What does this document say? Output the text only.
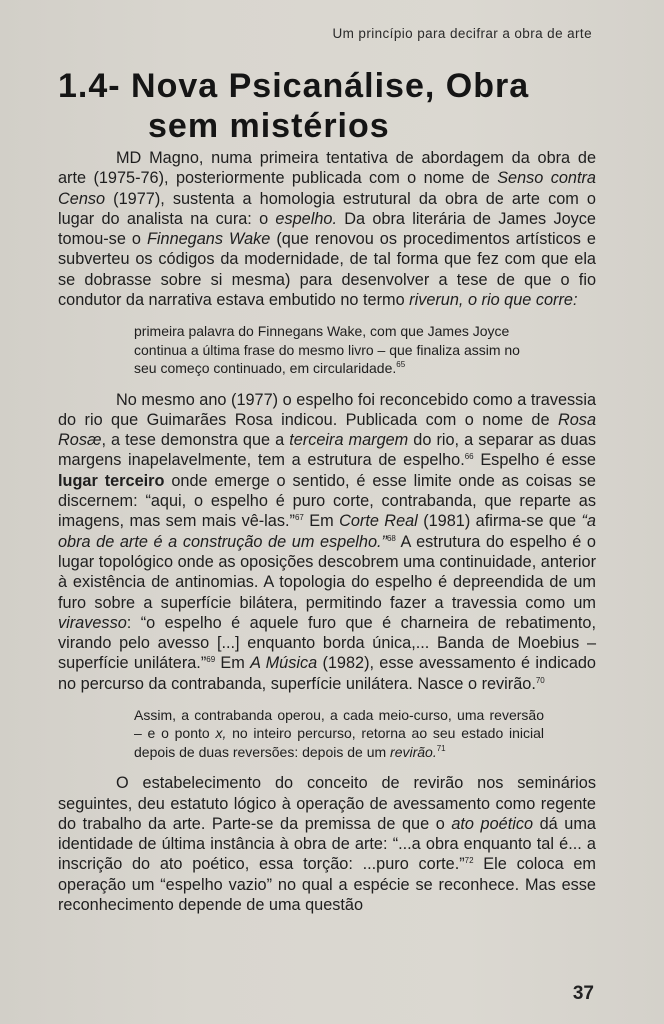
Um princípio para decifrar a obra de arte
1.4- Nova Psicanálise, Obra
sem mistérios

MD Magno, numa primeira tentativa de abordagem da obra de arte (1975-76), posteriormente publicada com o nome de Senso contra Censo (1977), sustenta a homologia estrutural da obra de arte com o lugar do analista na cura: o espelho. Da obra literária de James Joyce tomou-se o Finnegans Wake (que renovou os procedimentos artísticos e subverteu os códigos da modernidade, de tal forma que fez com que ela se dobrasse sobre si mesma) para desenvolver a tese de que o fio condutor da narrativa estava embutido no termo riverun, o rio que corre:

primeira palavra do Finnegans Wake, com que James Joyce continua a última frase do mesmo livro – que finaliza assim no seu começo continuado, em circularidade.$^{65}$

No mesmo ano (1977) o espelho foi reconcebido como a travessia do rio que Guimarães Rosa indicou. Publicada com o nome de Rosa Rosæ, a tese demonstra que a terceira margem do rio, a separar as duas margens inapelavelmente, tem a estrutura de espelho.$^{66}$ Espelho é esse lugar terceiro onde emerge o sentido, é esse limite onde as coisas se discernem: “aqui, o espelho é puro corte, contrabanda, que reparte as imagens, mas sem mais vê-las.”$^{67}$ Em Corte Real (1981) afirma-se que “a obra de arte é a construção de um espelho.”$^{68}$ A estrutura do espelho é o lugar topológico onde as oposições descobrem uma continuidade, anterior à existência de antinomias. A topologia do espelho é depreendida de um furo sobre a superfície bilátera, permitindo fazer a travessia como um viravesso: “o espelho é aquele furo que é charneira de rebatimento, virando pelo avesso [...] enquanto borda única,... Banda de Moebius – superfície unilátera.”$^{69}$ Em A Música (1982), esse avessamento é indicado no percurso da contrabanda, superfície unilátera. Nasce o revirão.$^{70}$

Assim, a contrabanda operou, a cada meio-curso, uma reversão – e o ponto x, no inteiro percurso, retorna ao seu estado inicial depois de duas reversões: depois de um revirão.$^{71}$

O estabelecimento do conceito de revirão nos seminários seguintes, deu estatuto lógico à operação de avessamento como regente do trabalho da arte. Parte-se da premissa de que o ato poético dá uma identidade de última instância à obra de arte: “...a obra enquanto tal é... a inscrição do ato poético, essa torção: ...puro corte.”$^{72}$ Ele coloca em operação um “espelho vazio” no qual a espécie se reconhece. Mas esse reconhecimento depende de uma questão

37
